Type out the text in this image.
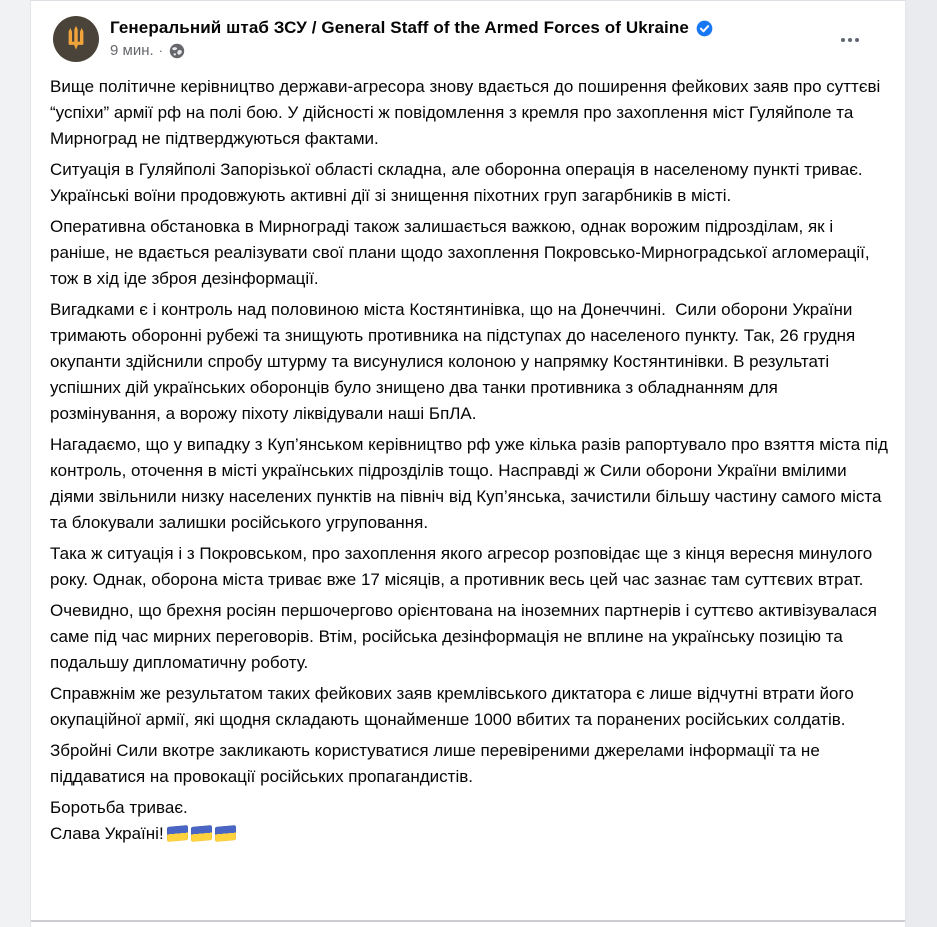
Генеральний штаб ЗСУ / General Staff of the Armed Forces of Ukraine
9 мин. ·

Вище політичне керівництво держави-агресора знову вдається до поширення фейкових заяв про суттєві “успіхи” армії рф на полі бою. У дійсності ж повідомлення з кремля про захоплення міст Гуляйполе та Мирноград не підтверджуються фактами.

Ситуація в Гуляйполі Запорізької області складна, але оборонна операція в населеному пункті триває. Українські воїни продовжують активні дії зі знищення піхотних груп загарбників в місті.

Оперативна обстановка в Мирнограді також залишається важкою, однак ворожим підрозділам, як і раніше, не вдається реалізувати свої плани щодо захоплення Покровсько-Мирноградської агломерації, тож в хід іде зброя дезінформації.

Вигадками є і контроль над половиною міста Костянтинівка, що на Донеччині.  Сили оборони України тримають оборонні рубежі та знищують противника на підступах до населеного пункту. Так, 26 грудня окупанти здійснили спробу штурму та висунулися колоною у напрямку Костянтинівки. В результаті успішних дій українських оборонців було знищено два танки противника з обладнанням для розмінування, а ворожу піхоту ліквідували наші БпЛА.

Нагадаємо, що у випадку з Куп’янськом керівництво рф уже кілька разів рапортувало про взяття міста під контроль, оточення в місті українських підрозділів тощо. Насправді ж Сили оборони України вмілими діями звільнили низку населених пунктів на північ від Куп’янська, зачистили більшу частину самого міста та блокували залишки російського угруповання.

Така ж ситуація і з Покровськом, про захоплення якого агресор розповідає ще з кінця вересня минулого року. Однак, оборона міста триває вже 17 місяців, а противник весь цей час зазнає там суттєвих втрат.

Очевидно, що брехня росіян першочергово орієнтована на іноземних партнерів і суттєво активізувалася саме під час мирних переговорів. Втім, російська дезінформація не вплине на українську позицію та подальшу дипломатичну роботу.

Справжнім же результатом таких фейкових заяв кремлівського диктатора є лише відчутні втрати його окупаційної армії, які щодня складають щонайменше 1000 вбитих та поранених російських солдатів.

Збройні Сили вкотре закликають користуватися лише перевіреними джерелами інформації та не піддаватися на провокації російських пропагандистів.

Боротьба триває.
Слава Україні!
